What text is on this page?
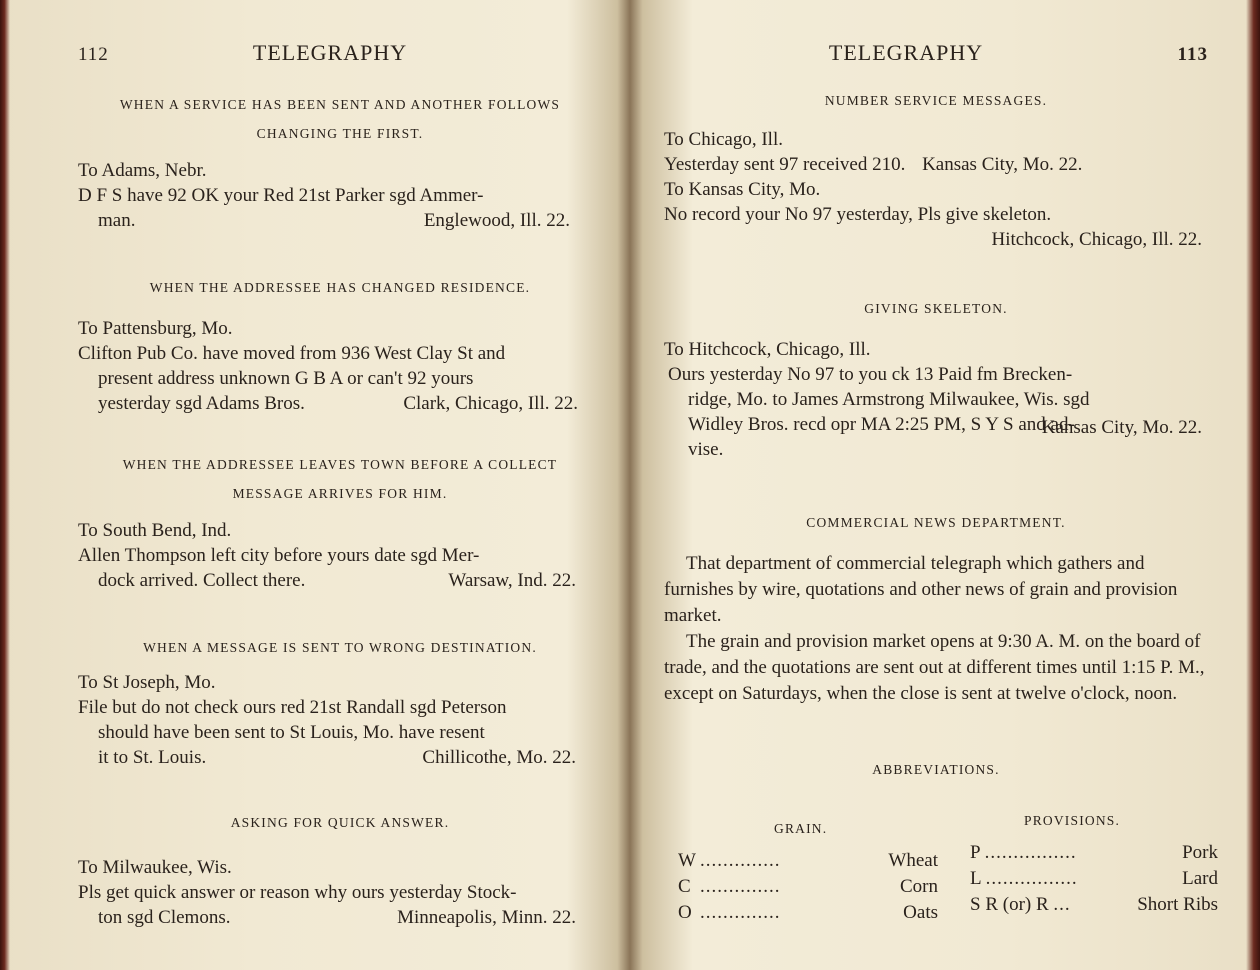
112	TELEGRAPHY

WHEN A SERVICE HAS BEEN SENT AND ANOTHER FOLLOWS
CHANGING THE FIRST.

To Adams, Nebr.
D F S have 92 OK your Red 21st Parker sgd Ammer-
man.	Englewood, Ill. 22.

WHEN THE ADDRESSEE HAS CHANGED RESIDENCE.

To Pattensburg, Mo.
Clifton Pub Co. have moved from 936 West Clay St and
present address unknown G B A or can't 92 yours
yesterday sgd Adams Bros.	Clark, Chicago, Ill. 22.

WHEN THE ADDRESSEE LEAVES TOWN BEFORE A COLLECT
MESSAGE ARRIVES FOR HIM.

To South Bend, Ind.
Allen Thompson left city before yours date sgd Mer-
dock arrived. Collect there.	Warsaw, Ind. 22.

WHEN A MESSAGE IS SENT TO WRONG DESTINATION.

To St Joseph, Mo.
File but do not check ours red 21st Randall sgd Peterson
should have been sent to St Louis, Mo. have resent
it to St. Louis.	Chillicothe, Mo. 22.

ASKING FOR QUICK ANSWER.

To Milwaukee, Wis.
Pls get quick answer or reason why ours yesterday Stock-
ton sgd Clemons.	Minneapolis, Minn. 22.
TELEGRAPHY	113

NUMBER SERVICE MESSAGES.

To Chicago, Ill.
Yesterday sent 97 received 210. Kansas City, Mo. 22.
To Kansas City, Mo.
No record your No 97 yesterday, Pls give skeleton.
Hitchcock, Chicago, Ill. 22.

GIVING SKELETON.

To Hitchcock, Chicago, Ill.
Ours yesterday No 97 to you ck 13 Paid fm Brecken-
ridge, Mo. to James Armstrong Milwaukee, Wis. sgd
Widley Bros. recd opr MA 2:25 PM, S Y S and ad-
vise.
Kansas City, Mo. 22.

COMMERCIAL NEWS DEPARTMENT.

That department of commercial telegraph which gathers and furnishes by wire, quotations and other news of grain and provision market.

The grain and provision market opens at 9:30 A. M. on the board of trade, and the quotations are sent out at different times until 1:15 P. M., except on Saturdays, when the close is sent at twelve o'clock, noon.

ABBREVIATIONS.

GRAIN.
PROVISIONS.
W ..............	Wheat P ................	Pork
C ..............	Corn L ................	Lard
O ..............	Oats S R (or) R ...	Short Ribs
